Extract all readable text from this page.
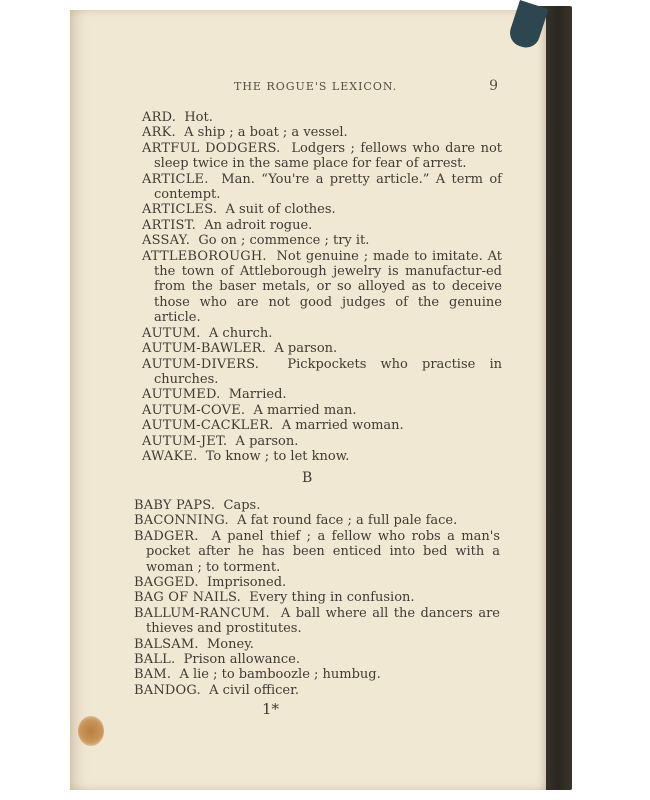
THE ROGUE'S LEXICON.	9

ARD. Hot.

ARK. A ship ; a boat ; a vessel.

ARTFUL DODGERS. Lodgers ; fellows who dare not sleep twice in the same place for fear of arrest.

ARTICLE. Man. “You're a pretty article.” A term of contempt.

ARTICLES. A suit of clothes.

ARTIST. An adroit rogue.

ASSAY. Go on ; commence ; try it.

ATTLEBOROUGH. Not genuine ; made to imitate. At the town of Attleborough jewelry is manufactur-ed from the baser metals, or so alloyed as to deceive those who are not good judges of the genuine article.

AUTUM. A church.

AUTUM-BAWLER. A parson.

AUTUM-DIVERS. Pickpockets who practise in churches.

AUTUMED. Married.

AUTUM-COVE. A married man.

AUTUM-CACKLER. A married woman.

AUTUM-JET. A parson.

AWAKE. To know ; to let know.

B

BABY PAPS. Caps.

BACONNING. A fat round face ; a full pale face.

BADGER. A panel thief ; a fellow who robs a man's pocket after he has been enticed into bed with a woman ; to torment.

BAGGED. Imprisoned.

BAG OF NAILS. Every thing in confusion.

BALLUM-RANCUM. A ball where all the dancers are thieves and prostitutes.

BALSAM. Money.

BALL. Prison allowance.

BAM. A lie ; to bamboozle ; humbug.

BANDOG. A civil officer.

1*
